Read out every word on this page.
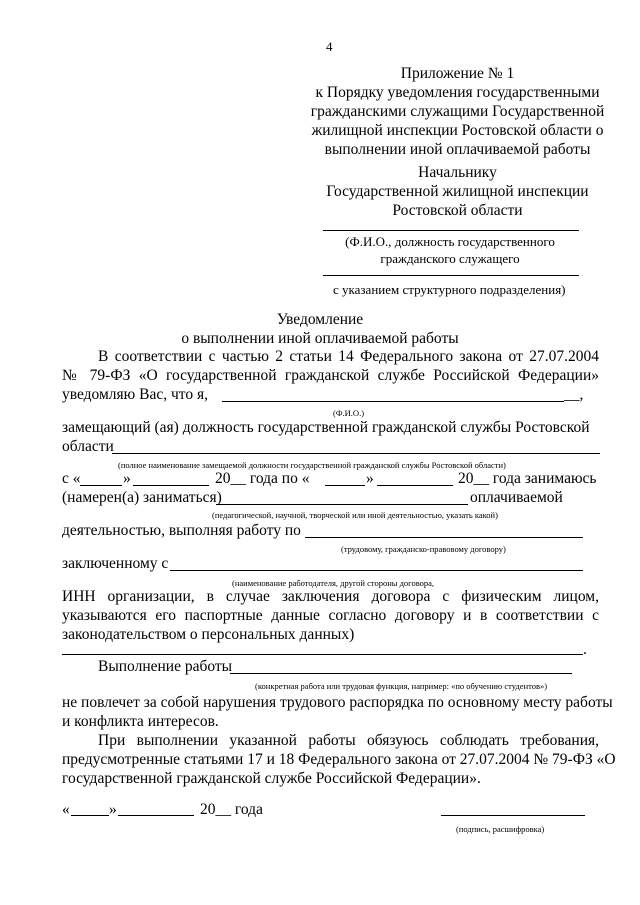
4
Приложение № 1
к Порядку уведомления государственными
гражданскими служащими Государственной
жилищной инспекции Ростовской области о
выполнении иной оплачиваемой работы
Начальнику
Государственной жилищной инспекции
Ростовской области
(Ф.И.О., должность государственного
гражданского служащего
с указанием структурного подразделения)
Уведомление
о выполнении иной оплачиваемой работы
В соответствии с частью 2 статьи 14 Федерального закона от 27.07.2004
№ 79-ФЗ «О государственной гражданской службе Российской Федерации»
уведомляю Вас, что я,	__,
(Ф.И.О.)
замещающий (ая) должность государственной гражданской службы Ростовской
области
(полное наименование замещаемой должности государственной гражданской службы Ростовской области)
с «	»	20__ года по «	»	20__ года занимаюсь
(намерен(а) заниматься)	оплачиваемой
(педагогической, научной, творческой или иной деятельностью, указать какой)
деятельностью, выполняя работу по
(трудовому, гражданско-правовому договору)
заключенному с
(наименование работодателя, другой стороны договора,
ИНН организации, в случае заключения договора с физическим лицом,
указываются его паспортные данные согласно договору и в соответствии с
законодательством о персональных данных)
.
Выполнение работы
(конкретная работа или трудовая функция, например: «по обучению студентов»)
не повлечет за собой нарушения трудового распорядка по основному месту работы
и конфликта интересов.
При выполнении указанной работы обязуюсь соблюдать требования,
предусмотренные статьями 17 и 18 Федерального закона от 27.07.2004 № 79-ФЗ «О
государственной гражданской службе Российской Федерации».
«	»	20__ года
(подпись, расшифровка)
